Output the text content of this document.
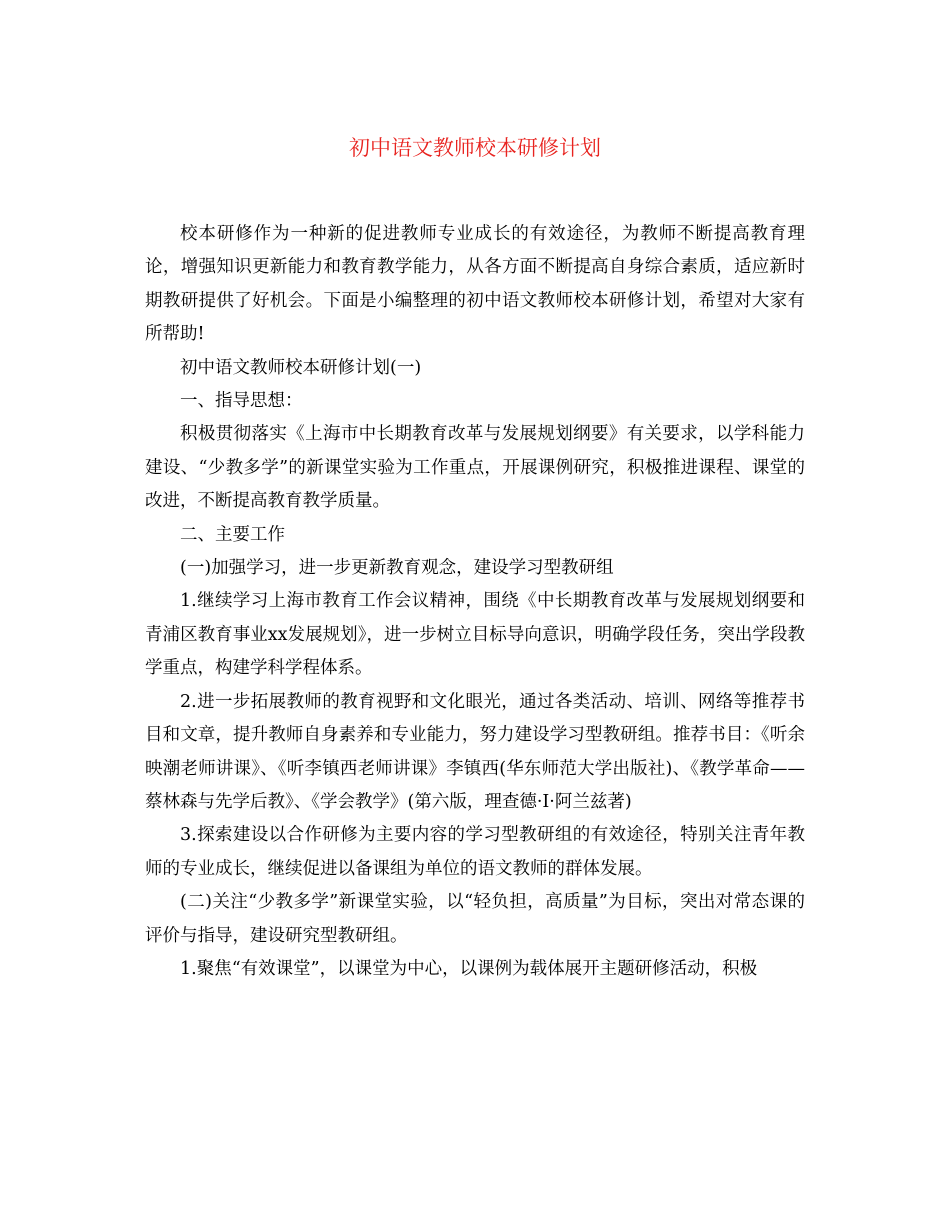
初中语文教师校本研修计划

校本研修作为一种新的促进教师专业成长的有效途径，为教师不断提高教育理论，增强知识更新能力和教育教学能力，从各方面不断提高自身综合素质，适应新时期教研提供了好机会。下面是小编整理的初中语文教师校本研修计划，希望对大家有所帮助!

初中语文教师校本研修计划(一)

一、指导思想：

积极贯彻落实《上海市中长期教育改革与发展规划纲要》有关要求，以学科能力建设、“少教多学”的新课堂实验为工作重点，开展课例研究，积极推进课程、课堂的改进，不断提高教育教学质量。

二、主要工作

(一)加强学习，进一步更新教育观念，建设学习型教研组

1.继续学习上海市教育工作会议精神，围绕《中长期教育改革与发展规划纲要和青浦区教育事业xx发展规划》，进一步树立目标导向意识，明确学段任务，突出学段教学重点，构建学科学程体系。

2.进一步拓展教师的教育视野和文化眼光，通过各类活动、培训、网络等推荐书目和文章，提升教师自身素养和专业能力，努力建设学习型教研组。推荐书目：《听余映潮老师讲课》、《听李镇西老师讲课》李镇西(华东师范大学出版社)、《教学革命——蔡林森与先学后教》、《学会教学》(第六版，理查德·I·阿兰兹著)

3.探索建设以合作研修为主要内容的学习型教研组的有效途径，特别关注青年教师的专业成长，继续促进以备课组为单位的语文教师的群体发展。

(二)关注“少教多学”新课堂实验，以“轻负担，高质量”为目标，突出对常态课的评价与指导，建设研究型教研组。

1.聚焦“有效课堂”，以课堂为中心，以课例为载体展开主题研修活动，积极
